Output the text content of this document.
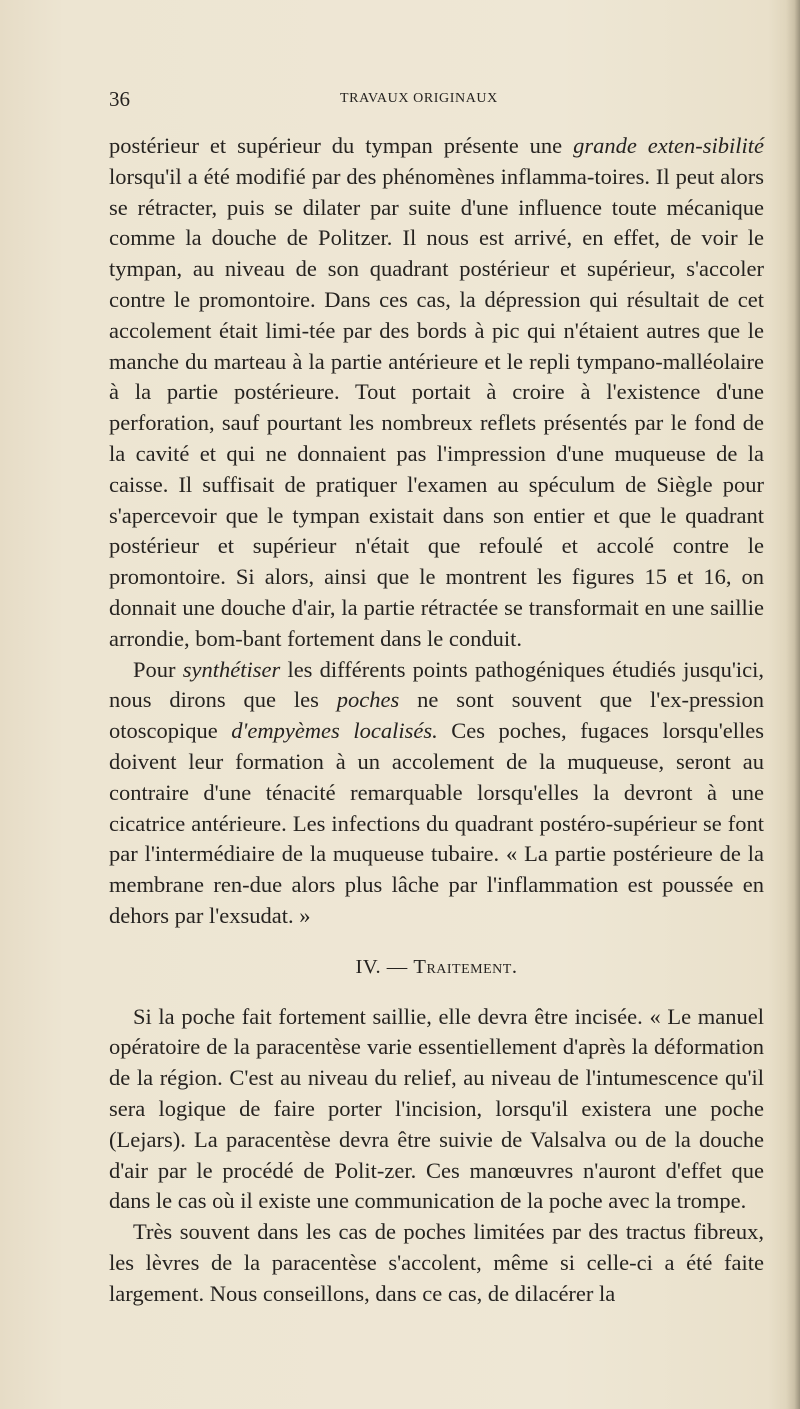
36	TRAVAUX ORIGINAUX

postérieur et supérieur du tympan présente une grande exten-sibilité lorsqu'il a été modifié par des phénomènes inflamma-toires. Il peut alors se rétracter, puis se dilater par suite d'une influence toute mécanique comme la douche de Politzer. Il nous est arrivé, en effet, de voir le tympan, au niveau de son quadrant postérieur et supérieur, s'accoler contre le promontoire. Dans ces cas, la dépression qui résultait de cet accolement était limi-tée par des bords à pic qui n'étaient autres que le manche du marteau à la partie antérieure et le repli tympano-malléolaire à la partie postérieure. Tout portait à croire à l'existence d'une perforation, sauf pourtant les nombreux reflets présentés par le fond de la cavité et qui ne donnaient pas l'impression d'une muqueuse de la caisse. Il suffisait de pratiquer l'examen au spéculum de Siègle pour s'apercevoir que le tympan existait dans son entier et que le quadrant postérieur et supérieur n'était que refoulé et accolé contre le promontoire. Si alors, ainsi que le montrent les figures 15 et 16, on donnait une douche d'air, la partie rétractée se transformait en une saillie arrondie, bom-bant fortement dans le conduit.

Pour synthétiser les différents points pathogéniques étudiés jusqu'ici, nous dirons que les poches ne sont souvent que l'ex-pression otoscopique d'empyèmes localisés. Ces poches, fugaces lorsqu'elles doivent leur formation à un accolement de la muqueuse, seront au contraire d'une ténacité remarquable lorsqu'elles la devront à une cicatrice antérieure. Les infections du quadrant postéro-supérieur se font par l'intermédiaire de la muqueuse tubaire. « La partie postérieure de la membrane ren-due alors plus lâche par l'inflammation est poussée en dehors par l'exsudat. »

IV. — Traitement.

Si la poche fait fortement saillie, elle devra être incisée. « Le manuel opératoire de la paracentèse varie essentiellement d'après la déformation de la région. C'est au niveau du relief, au niveau de l'intumescence qu'il sera logique de faire porter l'incision, lorsqu'il existera une poche (Lejars). La paracentèse devra être suivie de Valsalva ou de la douche d'air par le procédé de Polit-zer. Ces manœuvres n'auront d'effet que dans le cas où il existe une communication de la poche avec la trompe.

Très souvent dans les cas de poches limitées par des tractus fibreux, les lèvres de la paracentèse s'accolent, même si celle-ci a été faite largement. Nous conseillons, dans ce cas, de dilacérer la
